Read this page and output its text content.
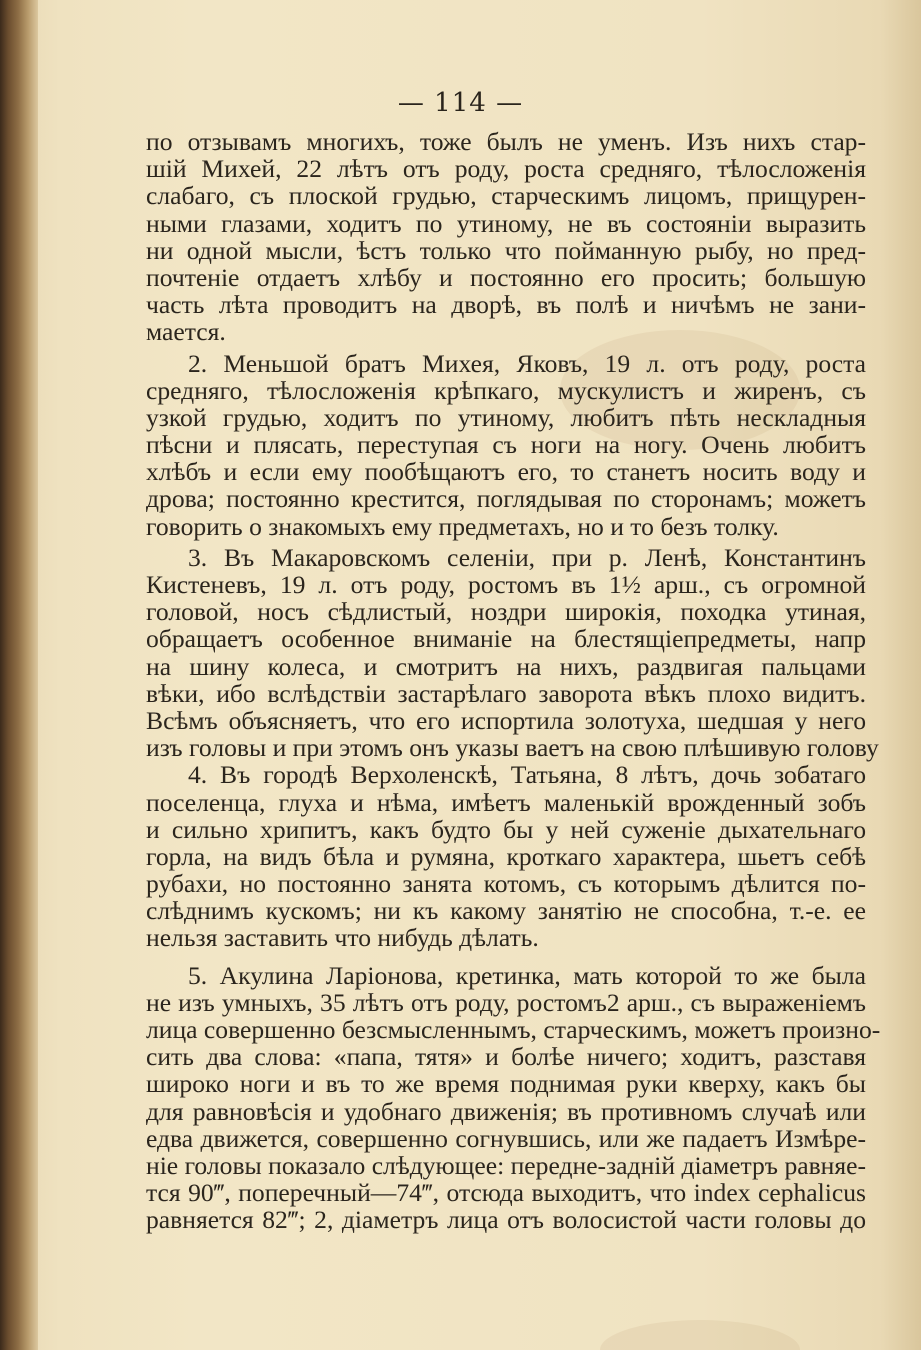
— 114 —
по отзывамъ многихъ, тоже былъ не уменъ. Изъ нихъ стар-
шій Михей, 22 лѣтъ отъ роду, роста средняго, тѣлосложенія
слабаго, съ плоской грудью, старческимъ лицомъ, прищурен-
ными глазами, ходитъ по утиному, не въ состояніи выразить
ни одной мысли, ѣстъ только что пойманную рыбу, но пред-
почтеніе отдаетъ хлѣбу и постоянно его просить; большую
часть лѣта проводитъ на дворѣ, въ полѣ и ничѣмъ не зани-
мается.
2. Меньшой братъ Михея, Яковъ, 19 л. отъ роду, роста
средняго, тѣлосложенія крѣпкаго, мускулистъ и жиренъ, съ
узкой грудью, ходитъ по утиному, любитъ пѣть нескладныя
пѣсни и плясать, переступая съ ноги на ногу. Очень любитъ
хлѣбъ и если ему пообѣщаютъ его, то станетъ носить воду и
дрова; постоянно крестится, поглядывая по сторонамъ; можетъ
говорить о знакомыхъ ему предметахъ, но и то безъ толку.
3. Въ Макаровскомъ селеніи, при р. Ленѣ, Константинъ
Кистеневъ, 19 л. отъ роду, ростомъ въ 1½ арш., съ огромной
головой, носъ сѣдлистый, ноздри широкія, походка утиная,
обращаетъ особенное вниманіе на блестящіепредметы, напр
на шину колеса, и смотритъ на нихъ, раздвигая пальцами
вѣки, ибо вслѣдствіи застарѣлаго заворота вѣкъ плохо видитъ.
Всѣмъ объясняетъ, что его испортила золотуха, шедшая у него
изъ головы и при этомъ онъ указы ваетъ на свою плѣшивую голову
4. Въ городѣ Верхоленскѣ, Татьяна, 8 лѣтъ, дочь зобатаго
поселенца, глуха и нѣма, имѣетъ маленькій врожденный зобъ
и сильно хрипитъ, какъ будто бы у ней суженіе дыхательнаго
горла, на видъ бѣла и румяна, кроткаго характера, шьетъ себѣ
рубахи, но постоянно занята котомъ, съ которымъ дѣлится по-
слѣднимъ кускомъ; ни къ какому занятію не способна, т.-е. ее
нельзя заставить что нибудь дѣлать.
5. Акулина Ларіонова, кретинка, мать которой то же была
не изъ умныхъ, 35 лѣтъ отъ роду, ростомъ2 арш., съ выраженіемъ
лица совершенно безсмысленнымъ, старческимъ, можетъ произно-
сить два слова: «папа, тятя» и болѣе ничего; ходитъ, разставя
широко ноги и въ то же время поднимая руки кверху, какъ бы
для равновѣсія и удобнаго движенія; въ противномъ случаѣ или
едва движется, совершенно согнувшись, или же падаетъ Измѣре-
ніе головы показало слѣдующее: передне-задній діаметръ равняе-
тся 90‴, поперечный—74‴, отсюда выходитъ, что index cephalicus
равняется 82‴; 2, діаметръ лица отъ волосистой части головы до
